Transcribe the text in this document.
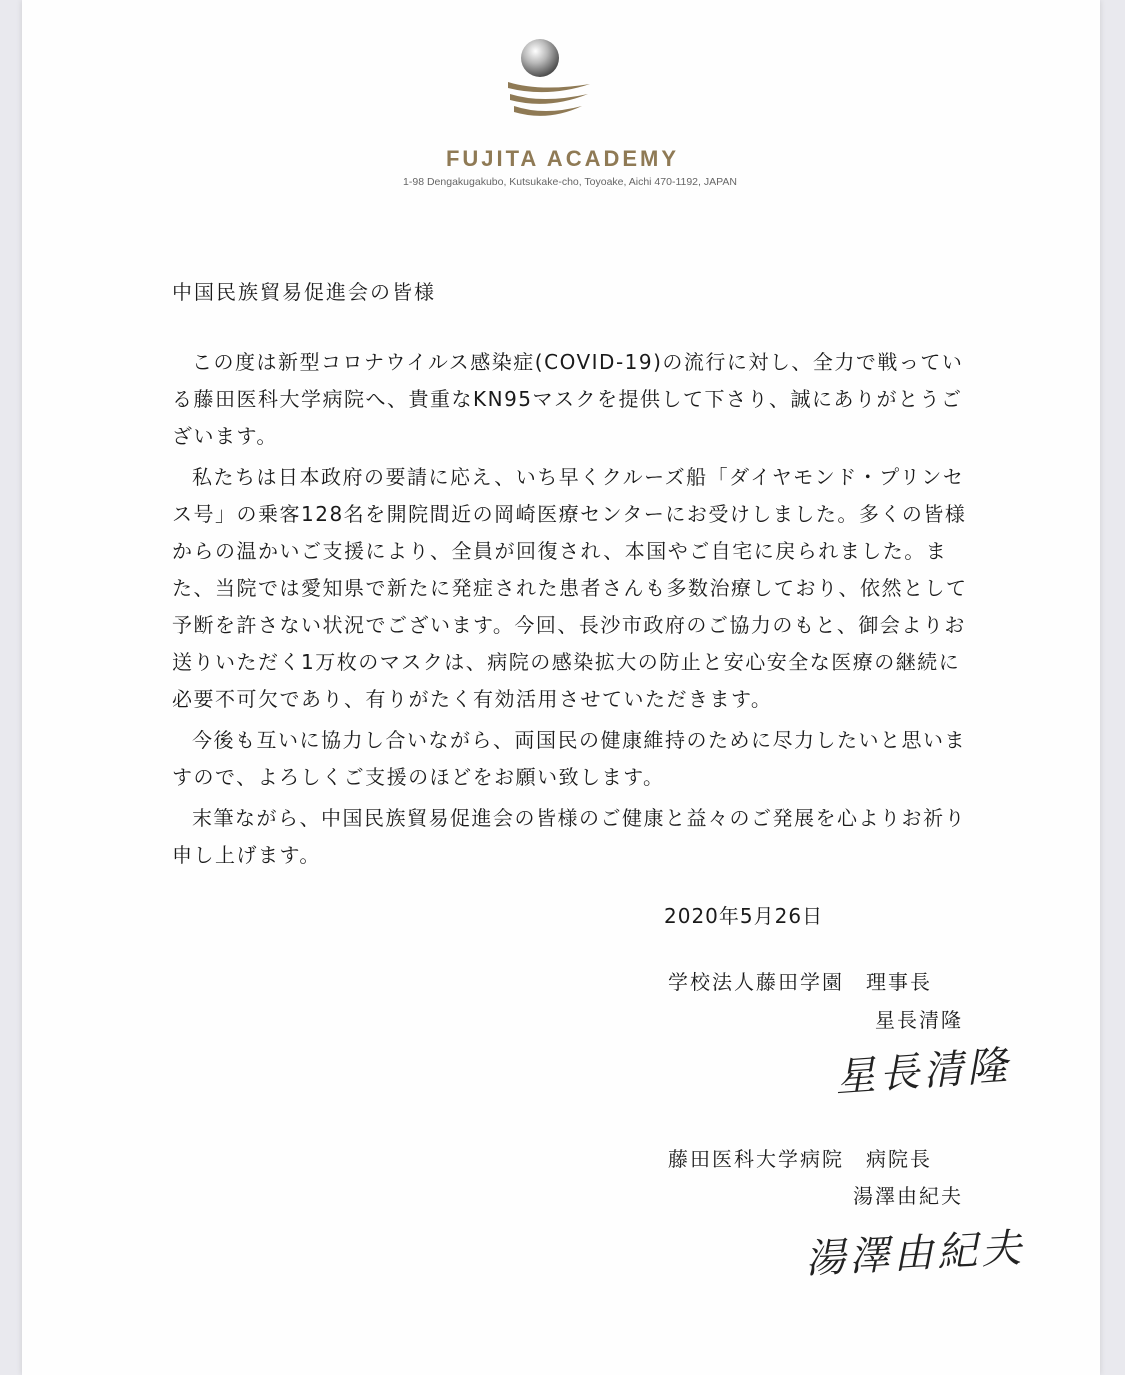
FUJITA ACADEMY
1-98 Dengakugakubo, Kutsukake-cho, Toyoake, Aichi 470-1192, JAPAN

中国民族貿易促進会の皆様

この度は新型コロナウイルス感染症(COVID-19)の流行に対し、全力で戦っている藤田医科大学病院へ、貴重なKN95マスクを提供して下さり、誠にありがとうございます。

私たちは日本政府の要請に応え、いち早くクルーズ船「ダイヤモンド・プリンセス号」の乗客128名を開院間近の岡崎医療センターにお受けしました。多くの皆様からの温かいご支援により、全員が回復され、本国やご自宅に戻られました。また、当院では愛知県で新たに発症された患者さんも多数治療しており、依然として予断を許さない状況でございます。今回、長沙市政府のご協力のもと、御会よりお送りいただく1万枚のマスクは、病院の感染拡大の防止と安心安全な医療の継続に必要不可欠であり、有りがたく有効活用させていただきます。

今後も互いに協力し合いながら、両国民の健康維持のために尽力したいと思いますので、よろしくご支援のほどをお願い致します。

末筆ながら、中国民族貿易促進会の皆様のご健康と益々のご発展を心よりお祈り申し上げます。

2020年5月26日
学校法人藤田学園　理事長
星長清隆
星長清隆
藤田医科大学病院　病院長
湯澤由紀夫
湯澤由紀夫
